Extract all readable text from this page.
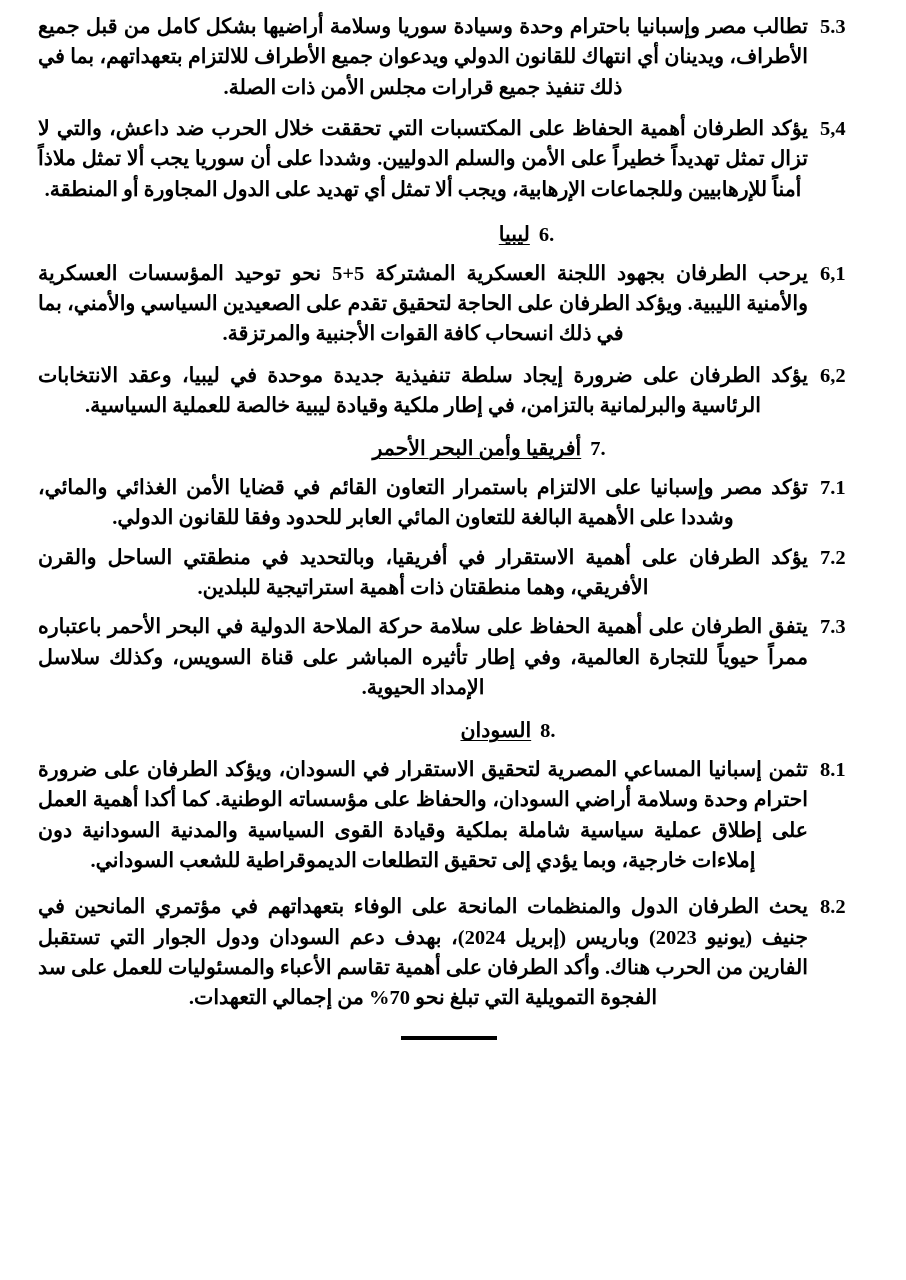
5.3
تطالب مصر وإسبانيا باحترام وحدة وسيادة سوريا وسلامة أراضيها بشكل كامل من قبل جميع الأطراف، ويدينان أي انتهاك للقانون الدولي ويدعوان جميع الأطراف للالتزام بتعهداتهم، بما في ذلك تنفيذ جميع قرارات مجلس الأمن ذات الصلة.
5,4
يؤكد الطرفان أهمية الحفاظ على المكتسبات التي تحققت خلال الحرب ضد داعش، والتي لا تزال تمثل تهديداً خطيراً على الأمن والسلم الدوليين. وشددا على أن سوريا يجب ألا تمثل ملاذاً أمناً للإرهابيين وللجماعات الإرهابية، ويجب ألا تمثل أي تهديد على الدول المجاورة أو المنطقة.
6.
ليبيا
6,1
يرحب الطرفان بجهود اللجنة العسكرية المشتركة 5+5 نحو توحيد المؤسسات العسكرية والأمنية الليبية. ويؤكد الطرفان على الحاجة لتحقيق تقدم على الصعيدين السياسي والأمني، بما في ذلك انسحاب كافة القوات الأجنبية والمرتزقة.
6,2
يؤكد الطرفان على ضرورة إيجاد سلطة تنفيذية جديدة موحدة في ليبيا، وعقد الانتخابات الرئاسية والبرلمانية بالتزامن، في إطار ملكية وقيادة ليبية خالصة للعملية السياسية.
7.
أفريقيا وأمن البحر الأحمر
7.1
تؤكد مصر وإسبانيا على الالتزام باستمرار التعاون القائم في قضايا الأمن الغذائي والمائي، وشددا على الأهمية البالغة للتعاون المائي العابر للحدود وفقا للقانون الدولي.
7.2
يؤكد الطرفان على أهمية الاستقرار في أفريقيا، وبالتحديد في منطقتي الساحل والقرن الأفريقي، وهما منطقتان ذات أهمية استراتيجية للبلدين.
7.3
يتفق الطرفان على أهمية الحفاظ على سلامة حركة الملاحة الدولية في البحر الأحمر باعتباره ممراً حيوياً للتجارة العالمية، وفي إطار تأثيره المباشر على قناة السويس، وكذلك سلاسل الإمداد الحيوية.
8.
السودان
8.1
تثمن إسبانيا المساعي المصرية لتحقيق الاستقرار في السودان، ويؤكد الطرفان على ضرورة احترام وحدة وسلامة أراضي السودان، والحفاظ على مؤسساته الوطنية. كما أكدا أهمية العمل على إطلاق عملية سياسية شاملة بملكية وقيادة القوى السياسية والمدنية السودانية دون إملاءات خارجية، وبما يؤدي إلى تحقيق التطلعات الديموقراطية للشعب السوداني.
8.2
يحث الطرفان الدول والمنظمات المانحة على الوفاء بتعهداتهم في مؤتمري المانحين في جنيف (يونيو 2023) وباريس (إبريل 2024)، بهدف دعم السودان ودول الجوار التي تستقبل الفارين من الحرب هناك. وأكد الطرفان على أهمية تقاسم الأعباء والمسئوليات للعمل على سد الفجوة التمويلية التي تبلغ نحو 70% من إجمالي التعهدات.
